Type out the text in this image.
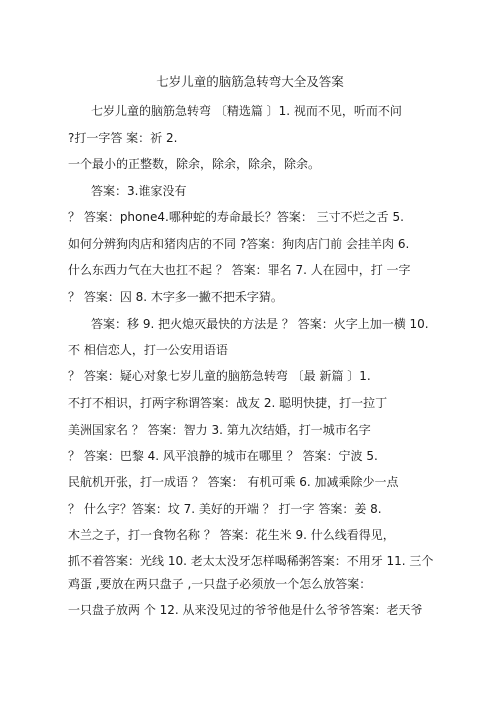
七岁儿童的脑筋急转弯大全及答案
七岁儿童的脑筋急转弯 〔精选篇 〕1. 视而不见，听而不问
?打一字答 案：祈 2.
一个最小的正整数，除余，除余，除余，除余。
答案：3.谁家没有
？ 答案：phone4.哪种蛇的寿命最长？答案： 三寸不烂之舌 5.
如何分辨狗肉店和猪肉店的不同 ?答案：狗肉店门前 会挂羊肉 6.
什么东西力气在大也扛不起 ？ 答案：罪名 7. 人在园中，打 一字
？ 答案：囚 8. 木字多一撇不把禾字猜。
答案：移 9. 把火熄灭最快的方法是 ？ 答案：火字上加一横 10.
不 相信恋人，打一公安用语语
？ 答案：疑心对象七岁儿童的脑筋急转弯 〔最 新篇 〕1.
不打不相识，打两字称谓答案：战友 2. 聪明快捷，打一拉丁
美洲国家名 ？ 答案：智力 3. 第九次结婚，打一城市名字
？ 答案：巴黎 4. 风平浪静的城市在哪里 ？ 答案：宁波 5.
民航机开张，打一成语 ？ 答案： 有机可乘 6. 加减乘除少一点
？ 什么字？答案：坟 7. 美好的开端 ？ 打一字 答案：姜 8.
木兰之子，打一食物名称 ？ 答案：花生米 9. 什么线看得见，
抓不着答案：光线 10. 老太太没牙怎样喝稀粥答案：不用牙 11. 三个
鸡蛋 ,要放在两只盘子 ,一只盘子必须放一个怎么放答案：
一只盘子放两 个 12. 从来没见过的爷爷他是什么爷爷答案：老天爷
